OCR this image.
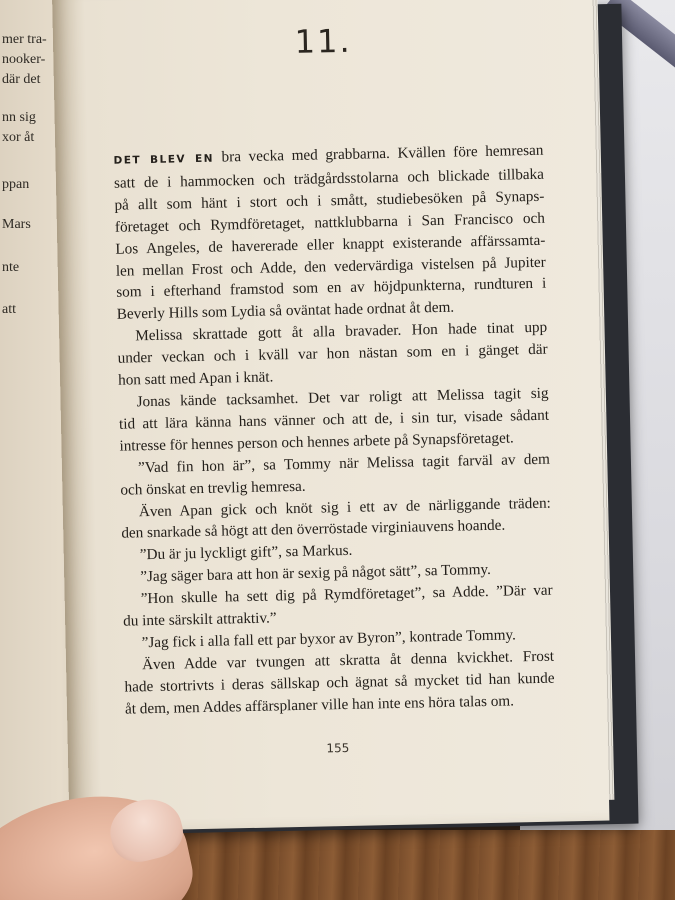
mer tra-
nooker-
där det
nn sig
xor åt
ppan
Mars
nte
att
11.
DET BLEV EN bra vecka med grabbarna. Kvällen före hemresan
satt de i hammocken och trädgårdsstolarna och blickade tillbaka
på allt som hänt i stort och i smått, studiebesöken på Synaps-
företaget och Rymdföretaget, nattklubbarna i San Francisco och
Los Angeles, de havererade eller knappt existerande affärssamta-
len mellan Frost och Adde, den vedervärdiga vistelsen på Jupiter
som i efterhand framstod som en av höjdpunkterna, rundturen i
Beverly Hills som Lydia så oväntat hade ordnat åt dem.
Melissa skrattade gott åt alla bravader. Hon hade tinat upp
under veckan och i kväll var hon nästan som en i gänget där
hon satt med Apan i knät.
Jonas kände tacksamhet. Det var roligt att Melissa tagit sig
tid att lära känna hans vänner och att de, i sin tur, visade sådant
intresse för hennes person och hennes arbete på Synapsföretaget.
”Vad fin hon är”, sa Tommy när Melissa tagit farväl av dem
och önskat en trevlig hemresa.
Även Apan gick och knöt sig i ett av de närliggande träden:
den snarkade så högt att den överröstade virginiauvens hoande.
”Du är ju lyckligt gift”, sa Markus.
”Jag säger bara att hon är sexig på något sätt”, sa Tommy.
”Hon skulle ha sett dig på Rymdföretaget”, sa Adde. ”Där var
du inte särskilt attraktiv.”
”Jag fick i alla fall ett par byxor av Byron”, kontrade Tommy.
Även Adde var tvungen att skratta åt denna kvickhet. Frost
hade stortrivts i deras sällskap och ägnat så mycket tid han kunde
åt dem, men Addes affärsplaner ville han inte ens höra talas om.
155
